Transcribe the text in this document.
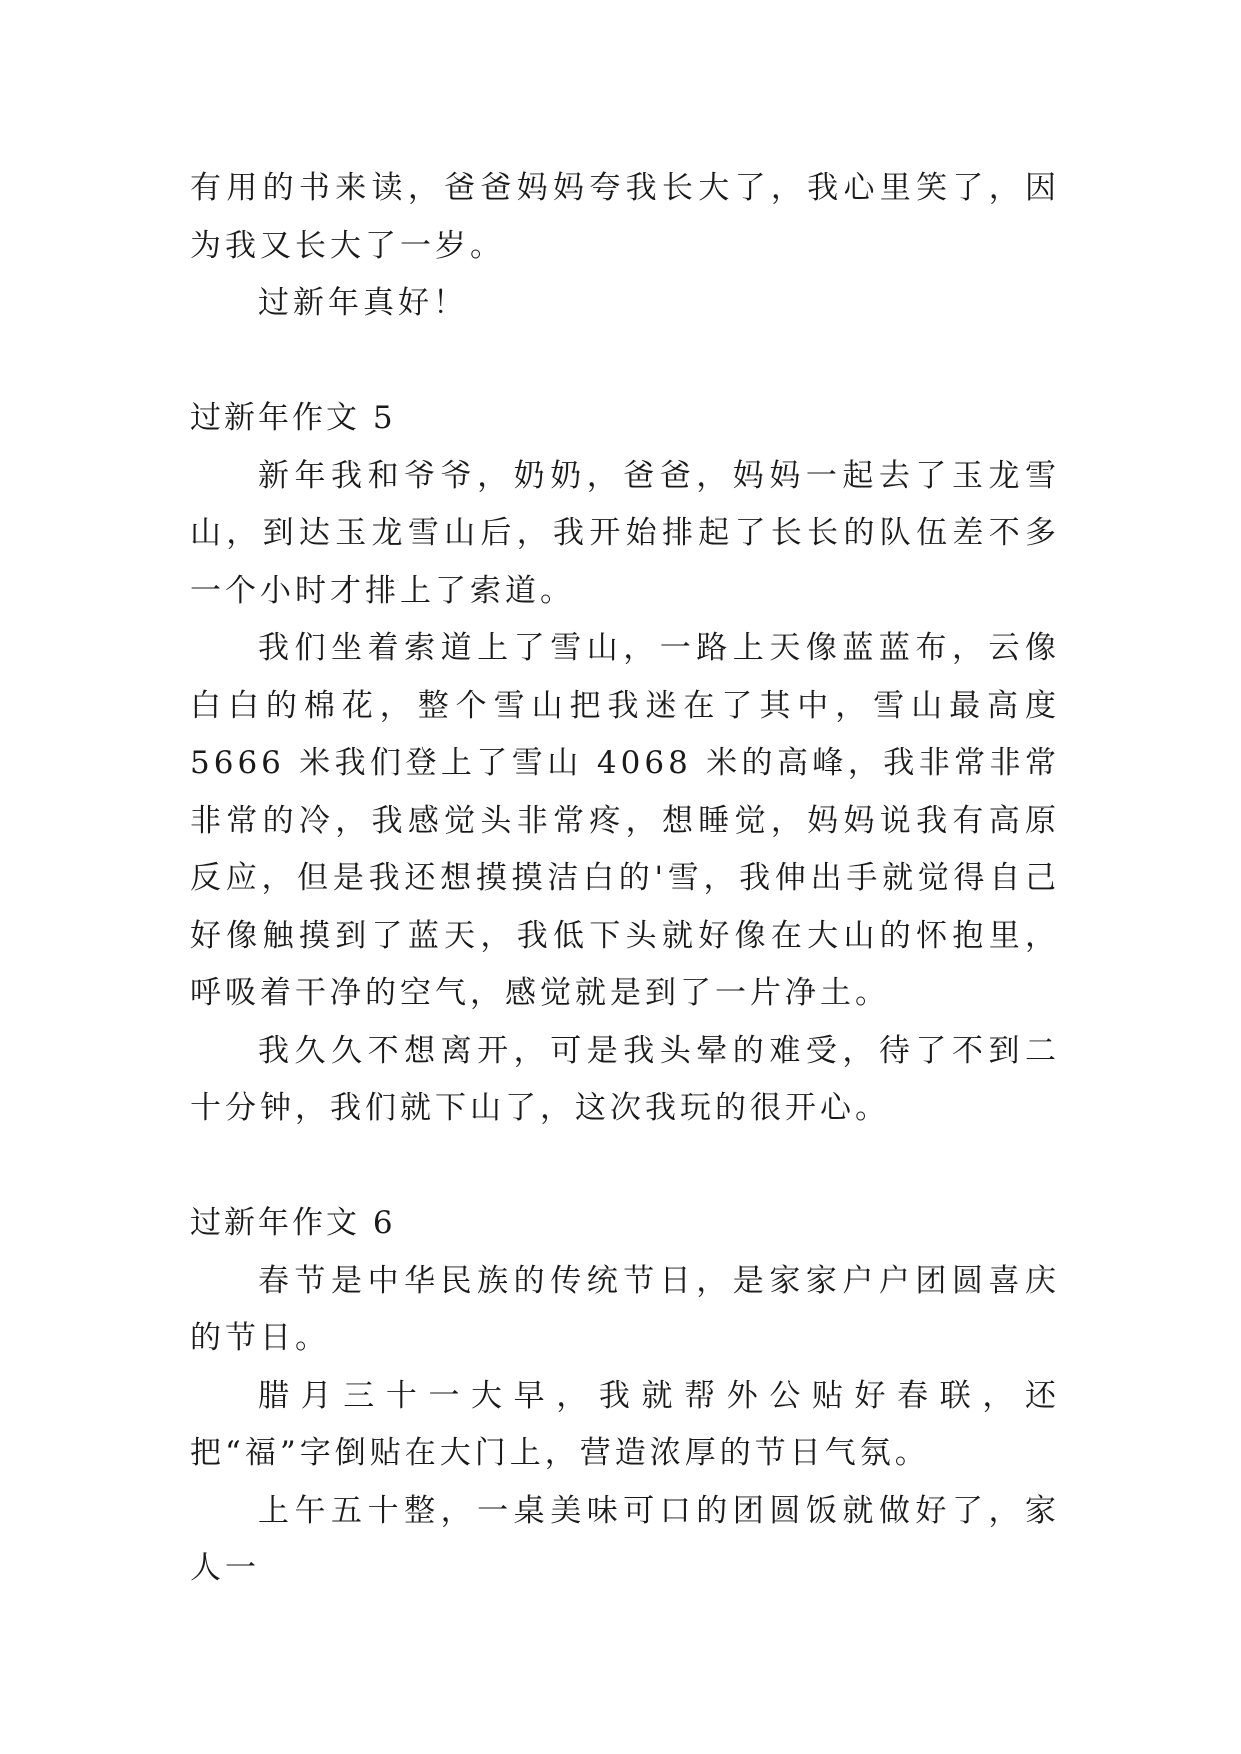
有用的书来读，爸爸妈妈夸我长大了，我心里笑了，因为我又长大了一岁。

过新年真好！

过新年作文 5

新年我和爷爷，奶奶，爸爸，妈妈一起去了玉龙雪山，到达玉龙雪山后，我开始排起了长长的队伍差不多一个小时才排上了索道。

我们坐着索道上了雪山，一路上天像蓝蓝布，云像白白的棉花，整个雪山把我迷在了其中，雪山最高度 5666 米我们登上了雪山 4068 米的高峰，我非常非常非常的冷，我感觉头非常疼，想睡觉，妈妈说我有高原反应，但是我还想摸摸洁白的'雪，我伸出手就觉得自己好像触摸到了蓝天，我低下头就好像在大山的怀抱里，呼吸着干净的空气，感觉就是到了一片净土。

我久久不想离开，可是我头晕的难受，待了不到二十分钟，我们就下山了，这次我玩的很开心。

过新年作文 6

春节是中华民族的传统节日，是家家户户团圆喜庆的节日。

腊月三十一大早，我就帮外公贴好春联，还把“福”字倒贴在大门上，营造浓厚的节日气氛。

上午五十整，一桌美味可口的团圆饭就做好了，家人一
